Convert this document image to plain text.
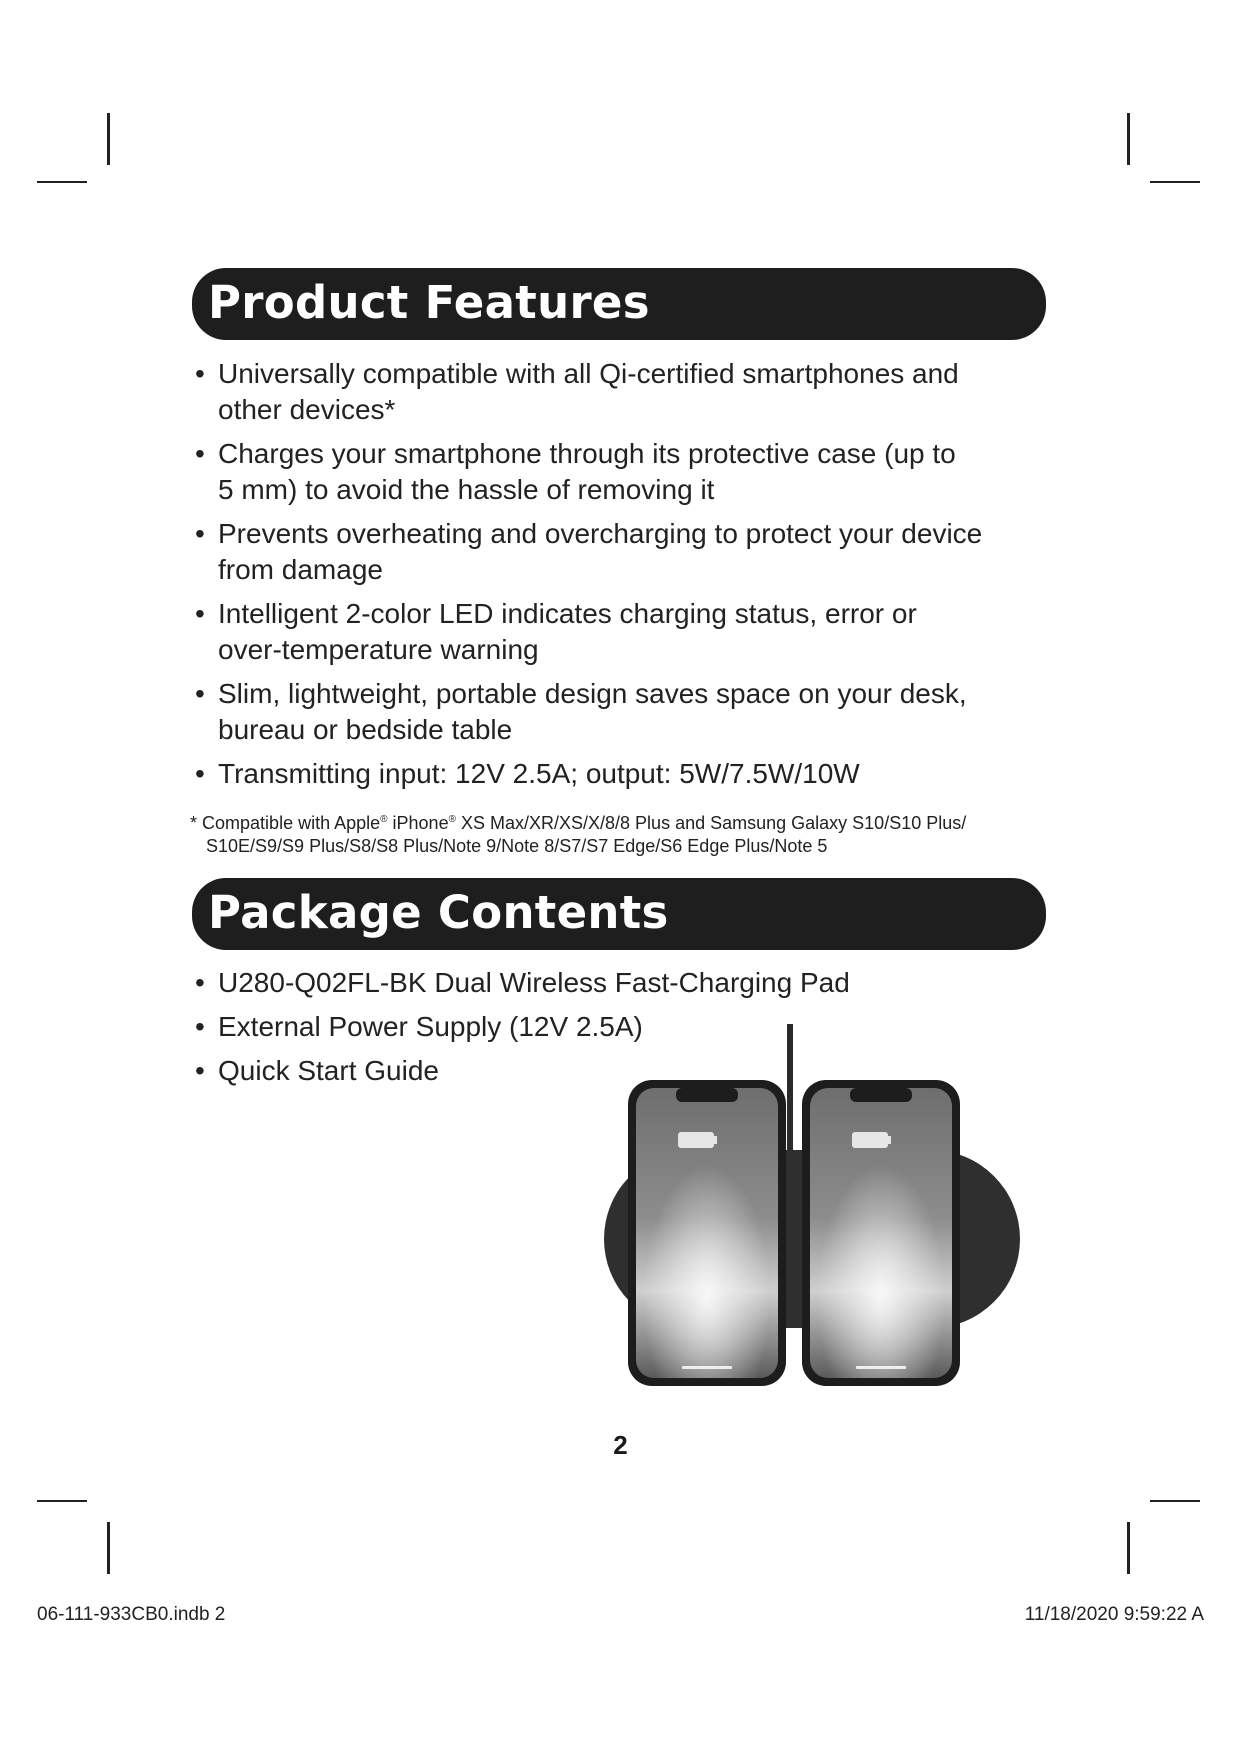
Product Features
• Universally compatible with all Qi-certified smartphones and
other devices*
• Charges your smartphone through its protective case (up to
5 mm) to avoid the hassle of removing it
• Prevents overheating and overcharging to protect your device
from damage
• Intelligent 2-color LED indicates charging status, error or
over-temperature warning
• Slim, lightweight, portable design saves space on your desk,
bureau or bedside table
• Transmitting input: 12V 2.5A; output: 5W/7.5W/10W

* Compatible with Apple® iPhone® XS Max/XR/XS/X/8/8 Plus and Samsung Galaxy S10/S10 Plus/
S10E/S9/S9 Plus/S8/S8 Plus/Note 9/Note 8/S7/S7 Edge/S6 Edge Plus/Note 5

Package Contents
• U280-Q02FL-BK Dual Wireless Fast-Charging Pad
• External Power Supply (12V 2.5A)
• Quick Start Guide
2
06-111-933CB0.indb 2	11/18/2020 9:59:22 A
